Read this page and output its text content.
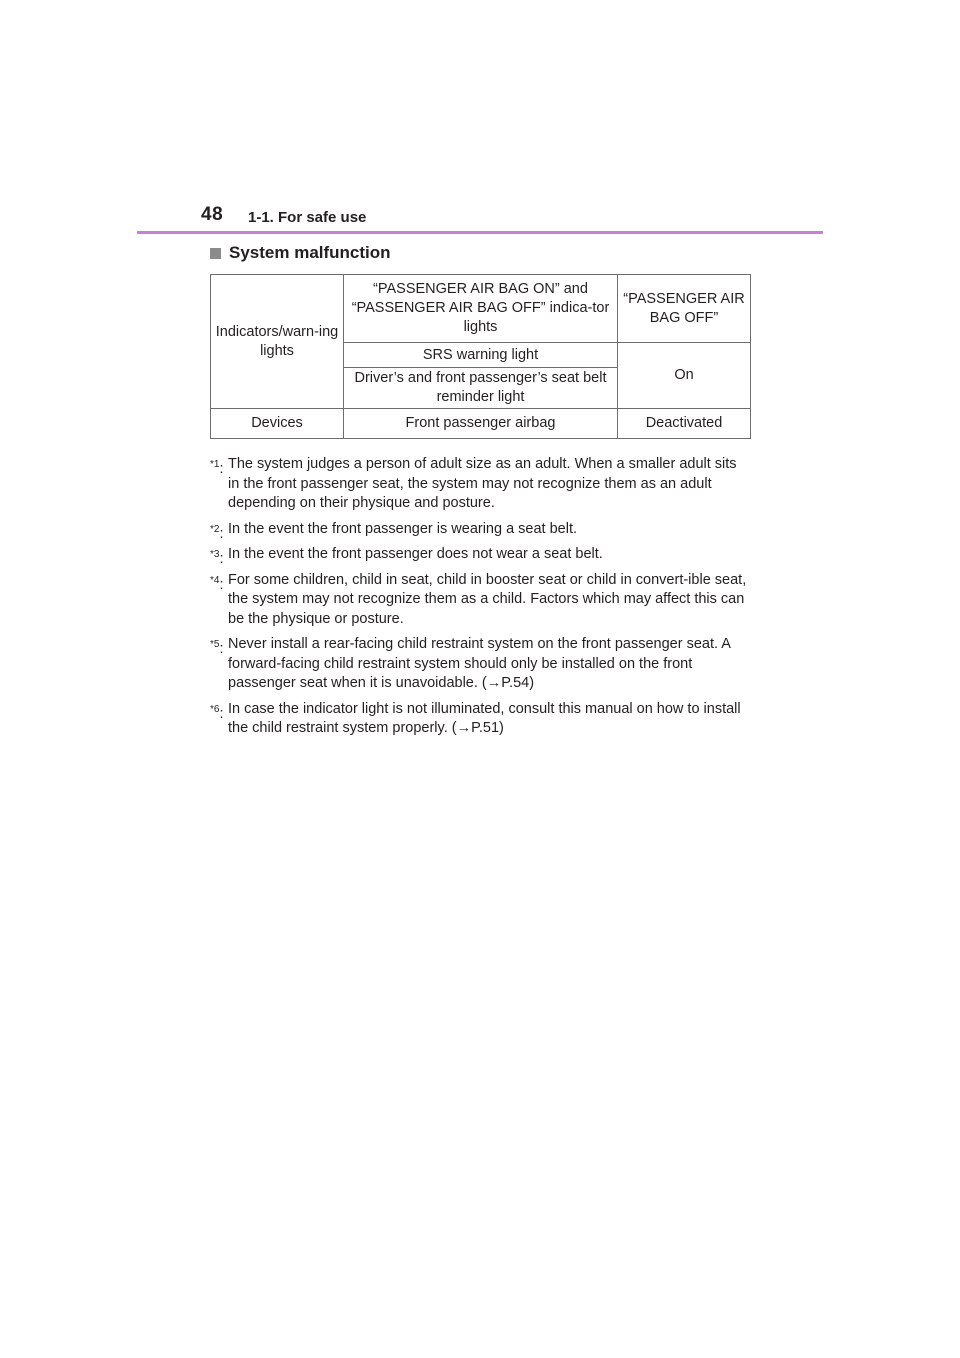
48 1-1. For safe use
System malfunction
Indicators/warn-ing lights	“PASSENGER AIR BAG ON” and “PASSENGER AIR BAG OFF” indica-tor lights	“PASSENGER AIR BAG OFF”
	SRS warning light	On
	Driver’s and front passenger’s seat belt reminder light	
Devices	Front passenger airbag	Deactivated
$^{*1}$: The system judges a person of adult size as an adult. When a smaller adult sits in the front passenger seat, the system may not recognize them as an adult depending on their physique and posture.
$^{*2}$: In the event the front passenger is wearing a seat belt.
$^{*3}$: In the event the front passenger does not wear a seat belt.
$^{*4}$: For some children, child in seat, child in booster seat or child in convert-ible seat, the system may not recognize them as a child. Factors which may affect this can be the physique or posture.
$^{*5}$: Never install a rear-facing child restraint system on the front passenger seat. A forward-facing child restraint system should only be installed on the front passenger seat when it is unavoidable. (→P.54)
$^{*6}$: In case the indicator light is not illuminated, consult this manual on how to install the child restraint system properly. (→P.51)
